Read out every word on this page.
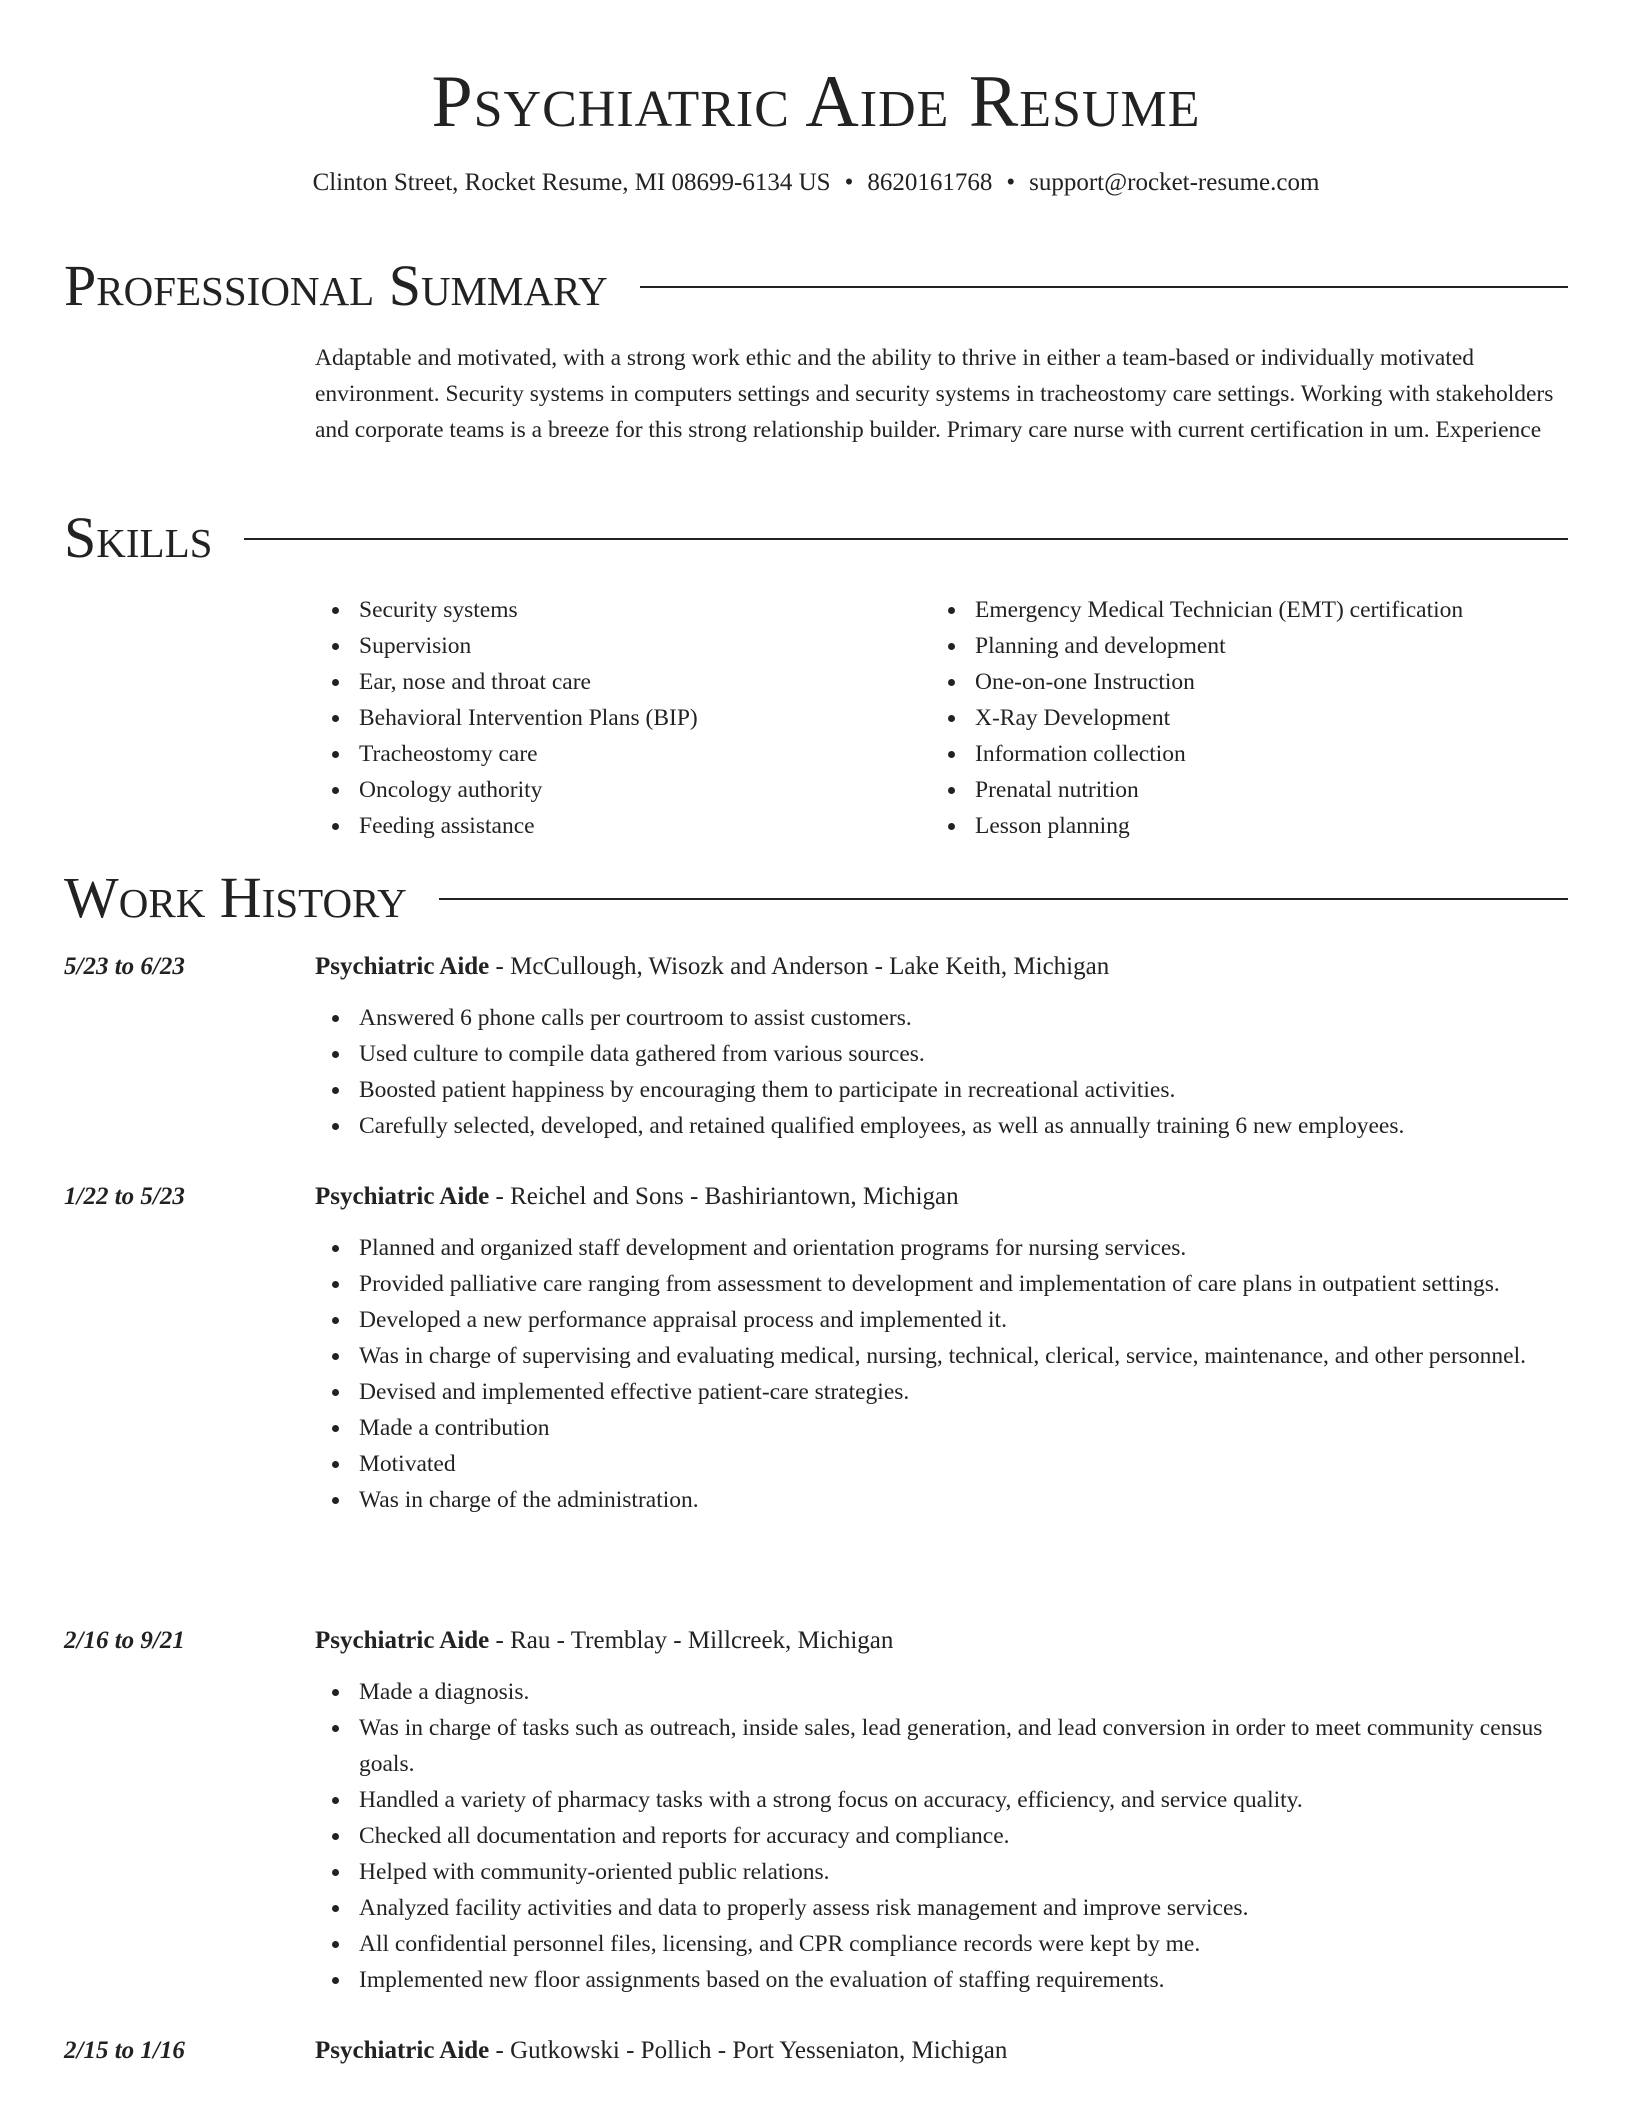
Psychiatric Aide Resume
Clinton Street, Rocket Resume, MI 08699-6134 US • 8620161768 • support@rocket-resume.com
Professional Summary

Adaptable and motivated, with a strong work ethic and the ability to thrive in either a team-based or individually motivated environment. Security systems in computers settings and security systems in tracheostomy care settings. Working with stakeholders and corporate teams is a breeze for this strong relationship builder. Primary care nurse with current certification in um. Experience

Skills
Security systems
Supervision
Ear, nose and throat care
Behavioral Intervention Plans (BIP)
Tracheostomy care
Oncology authority
Feeding assistance
Emergency Medical Technician (EMT) certification
Planning and development
One-on-one Instruction
X-Ray Development
Information collection
Prenatal nutrition
Lesson planning
Work History
5/23 to 6/23	Psychiatric Aide - McCullough, Wisozk and Anderson - Lake Keith, Michigan
Answered 6 phone calls per courtroom to assist customers.
Used culture to compile data gathered from various sources.
Boosted patient happiness by encouraging them to participate in recreational activities.
Carefully selected, developed, and retained qualified employees, as well as annually training 6 new employees.
1/22 to 5/23	Psychiatric Aide - Reichel and Sons - Bashiriantown, Michigan
Planned and organized staff development and orientation programs for nursing services.
Provided palliative care ranging from assessment to development and implementation of care plans in outpatient settings.
Developed a new performance appraisal process and implemented it.
Was in charge of supervising and evaluating medical, nursing, technical, clerical, service, maintenance, and other personnel.
Devised and implemented effective patient-care strategies.
Made a contribution
Motivated
Was in charge of the administration.
2/16 to 9/21	Psychiatric Aide - Rau - Tremblay - Millcreek, Michigan
Made a diagnosis.
Was in charge of tasks such as outreach, inside sales, lead generation, and lead conversion in order to meet community census goals.
Handled a variety of pharmacy tasks with a strong focus on accuracy, efficiency, and service quality.
Checked all documentation and reports for accuracy and compliance.
Helped with community-oriented public relations.
Analyzed facility activities and data to properly assess risk management and improve services.
All confidential personnel files, licensing, and CPR compliance records were kept by me.
Implemented new floor assignments based on the evaluation of staffing requirements.
2/15 to 1/16	Psychiatric Aide - Gutkowski - Pollich - Port Yesseniaton, Michigan
